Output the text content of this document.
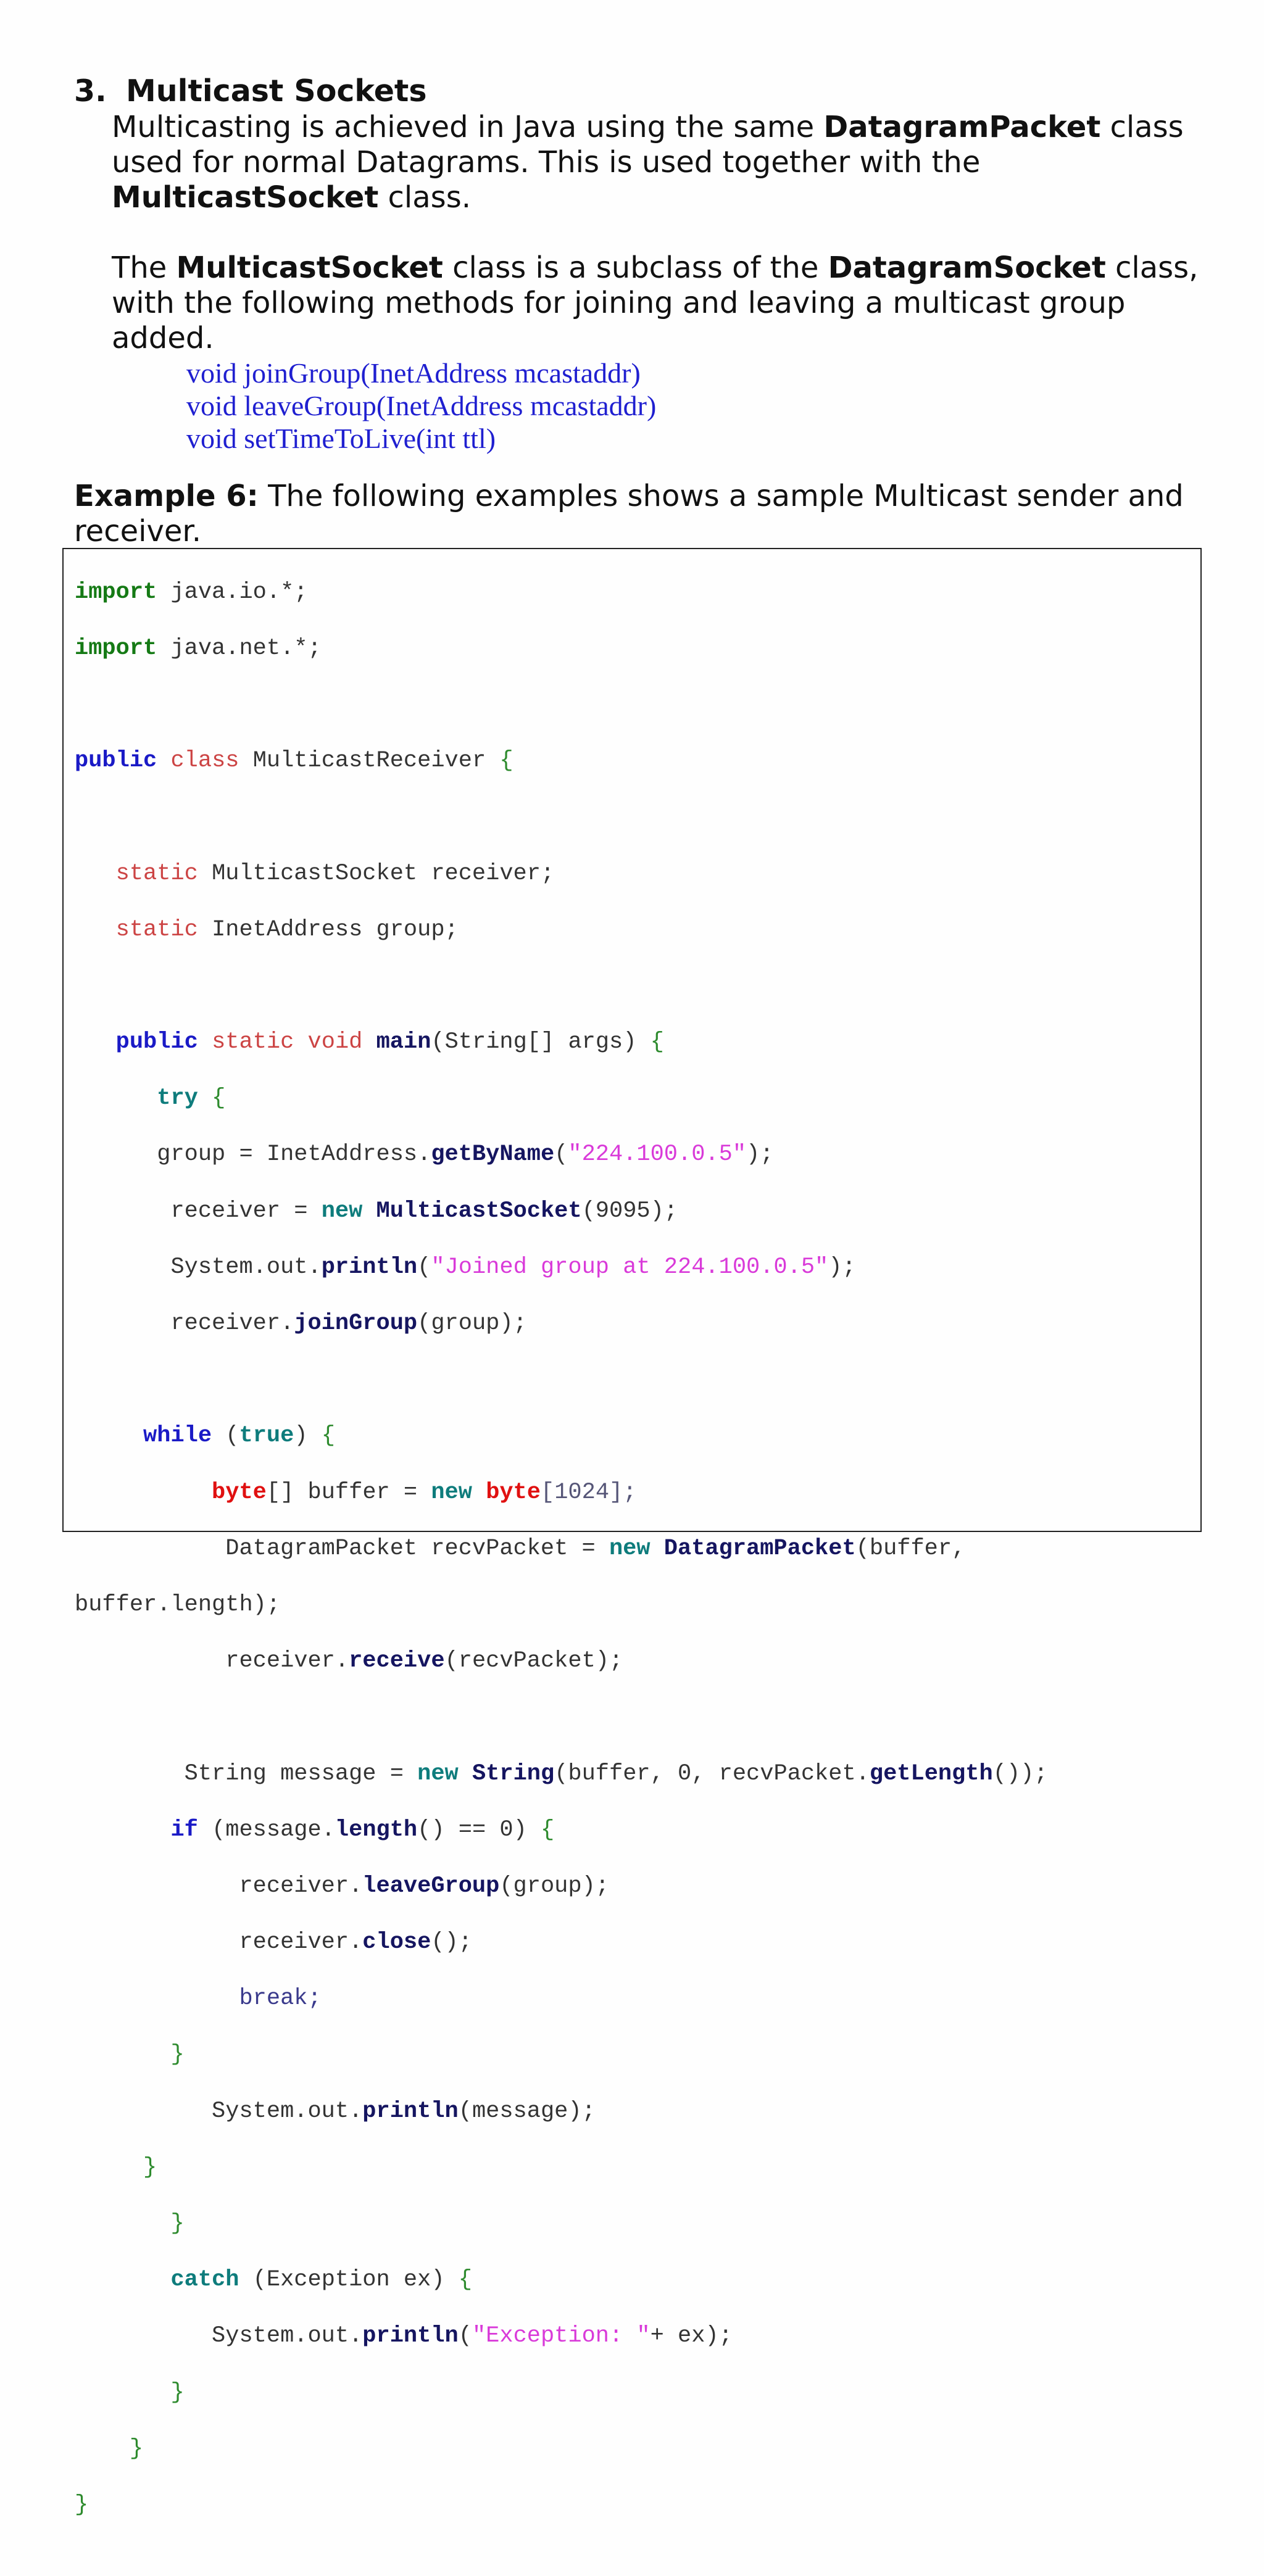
3. Multicast Sockets
Multicasting is achieved in Java using the same DatagramPacket class
used for normal Datagrams. This is used together with the
MulticastSocket class.
The MulticastSocket class is a subclass of the DatagramSocket class,
with the following methods for joining and leaving a multicast group
added.
void joinGroup(InetAddress mcastaddr)
void leaveGroup(InetAddress mcastaddr)
void setTimeToLive(int ttl)
Example 6: The following examples shows a sample Multicast sender and
receiver.

import java.io.*;

import java.net.*;

public class MulticastReceiver {

static MulticastSocket receiver;

static InetAddress group;

public static void main(String[] args) {

try {

group = InetAddress.getByName("224.100.0.5");

receiver = new MulticastSocket(9095);

System.out.println("Joined group at 224.100.0.5");

receiver.joinGroup(group);

while (true) {

byte[] buffer = new byte[1024];

DatagramPacket recvPacket = new DatagramPacket(buffer,

buffer.length);

receiver.receive(recvPacket);

String message = new String(buffer, 0, recvPacket.getLength());

if (message.length() == 0) {

receiver.leaveGroup(group);

receiver.close();

break;

}

System.out.println(message);

}

}

catch (Exception ex) {

System.out.println("Exception: "+ ex);

}

}

}
